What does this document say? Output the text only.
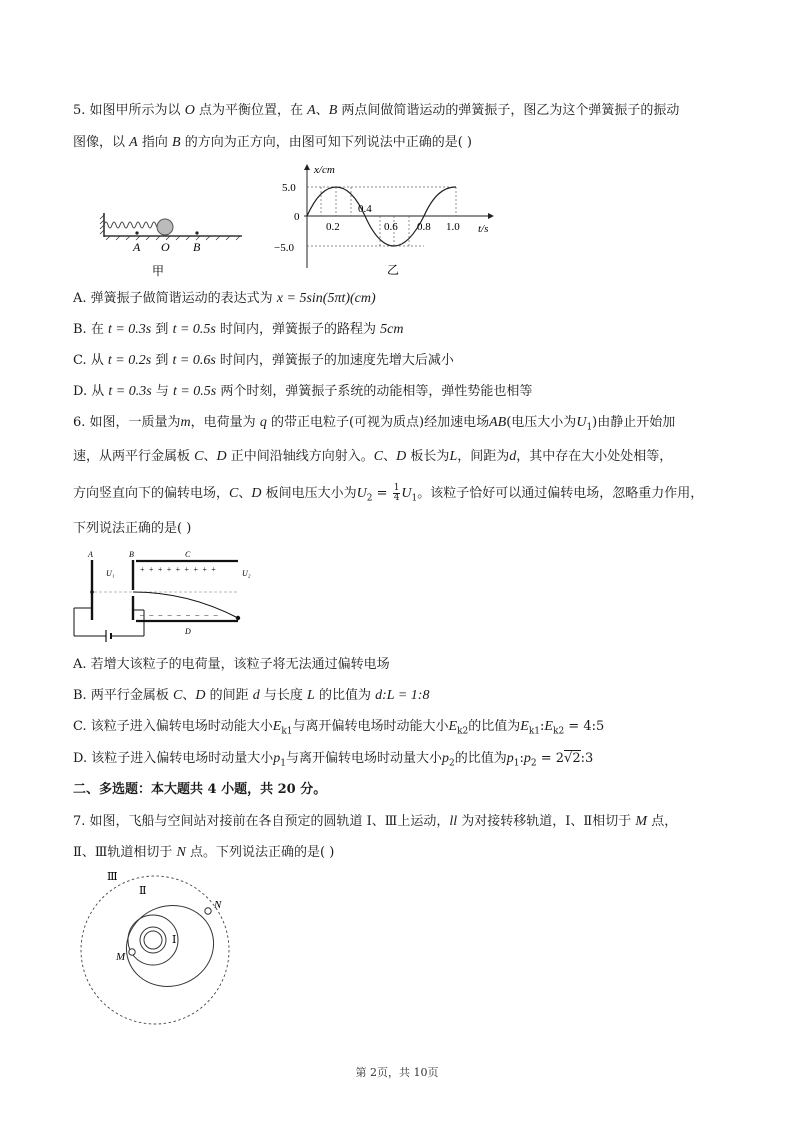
5. 如图甲所示为以 O 点为平衡位置，在 A、B 两点间做简谐运动的弹簧振子，图乙为这个弹簧振子的振动
图像，以 A 指向 B 的方向为正方向，由图可知下列说法中正确的是( )
A O B
甲
x/cm
t/s
5.0
−5.0
0
0.2
0.4
0.6 0.8 1.0
乙
A. 弹簧振子做简谐运动的表达式为 x = 5sin(5πt)(cm)
B. 在 t = 0.3s 到 t = 0.5s 时间内，弹簧振子的路程为 5cm
C. 从 t = 0.2s 到 t = 0.6s 时间内，弹簧振子的加速度先增大后减小
D. 从 t = 0.3s 与 t = 0.5s 两个时刻，弹簧振子系统的动能相等，弹性势能也相等
6. 如图，一质量为m，电荷量为 q 的带正电粒子(可视为质点)经加速电场AB(电压大小为$U_1$)由静止开始加
速，从两平行金属板 C、D 正中间沿轴线方向射入。C、D 板长为L，间距为d，其中存在大小处处相等，
方向竖直向下的偏转电场，C、D 板间电压大小为$U_2 = \frac{1}{4} U_1$。该粒子恰好可以通过偏转电场，忽略重力作用，
下列说法正确的是( )
A	B
U₁
C
+ + + + + + + + +	U₂
– – – – – – – – –
D
A. 若增大该粒子的电荷量，该粒子将无法通过偏转电场
B. 两平行金属板 C、D 的间距 d 与长度 L 的比值为 d:L = 1:8
C. 该粒子进入偏转电场时动能大小$E_{k1}$与离开偏转电场时动能大小$E_{k2}$的比值为$E_{k1}:E_{k2}$ = 4:5
D. 该粒子进入偏转电场时动量大小$p_1$与离开偏转电场时动量大小$p_2$的比值为$p_1:p_2$ = 2√2:3
二、多选题：本大题共 4 小题，共 20 分。
7. 如图，飞船与空间站对接前在各自预定的圆轨道 Ⅰ、Ⅲ上运动，ll 为对接转移轨道，Ⅰ、Ⅱ相切于 M 点，
Ⅱ、Ⅲ轨道相切于 N 点。下列说法正确的是( )
Ⅲ
Ⅱ
Ⅰ
N
M
第 2页，共 10页
